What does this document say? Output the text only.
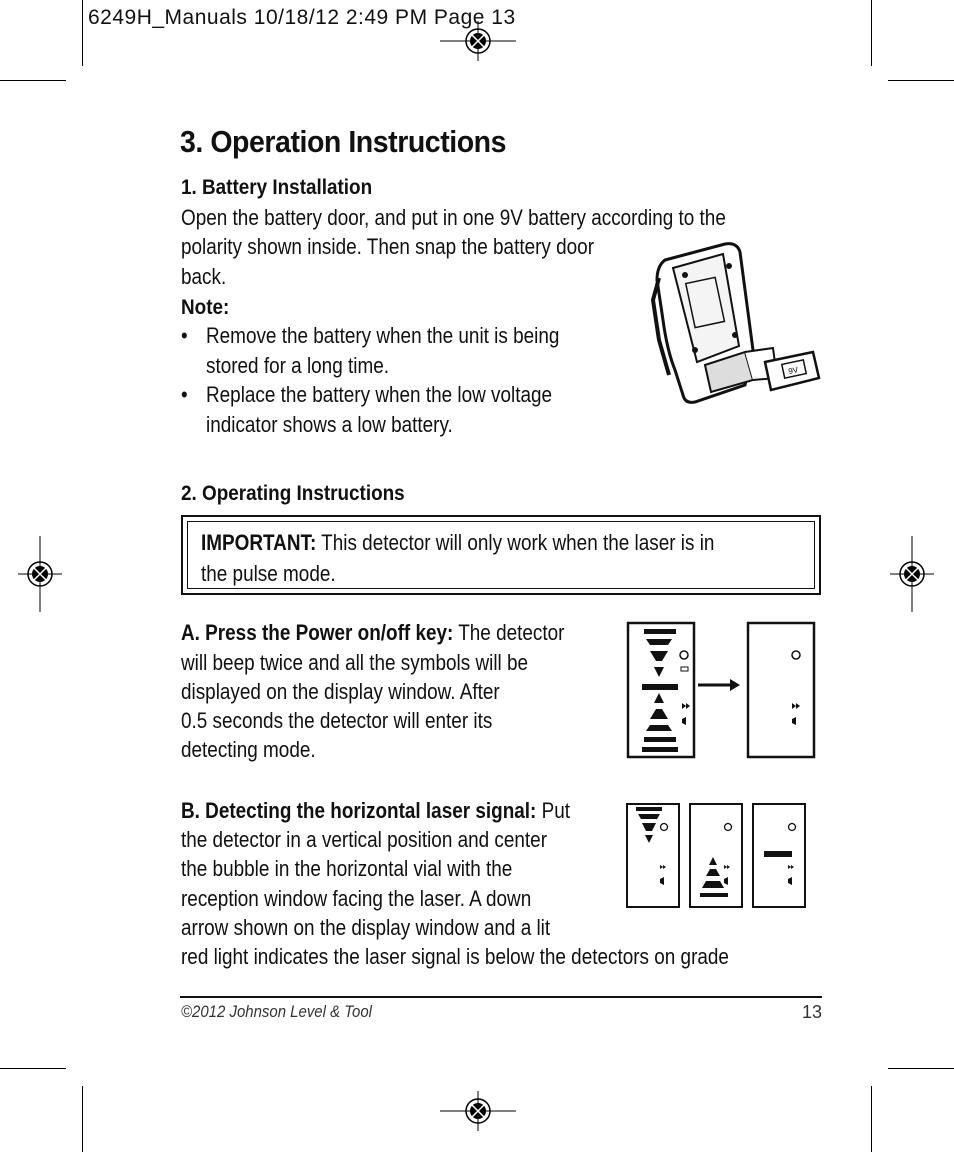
6249H_Manuals 10/18/12 2:49 PM Page 13
3. Operation Instructions
1. Battery Installation
Open the battery door, and put in one 9V battery according to the
polarity shown inside. Then snap the battery door
back.
Note:
• Remove the battery when the unit is being
stored for a long time.
• Replace the battery when the low voltage
indicator shows a low battery.
9V
2. Operating Instructions
IMPORTANT: This detector will only work when the laser is in
the pulse mode.
A. Press the Power on/off key: The detector
will beep twice and all the symbols will be
displayed on the display window. After
0.5 seconds the detector will enter its
detecting mode.
B. Detecting the horizontal laser signal: Put
the detector in a vertical position and center
the bubble in the horizontal vial with the
reception window facing the laser. A down
arrow shown on the display window and a lit
red light indicates the laser signal is below the detectors on grade
©2012 Johnson Level & Tool	13
